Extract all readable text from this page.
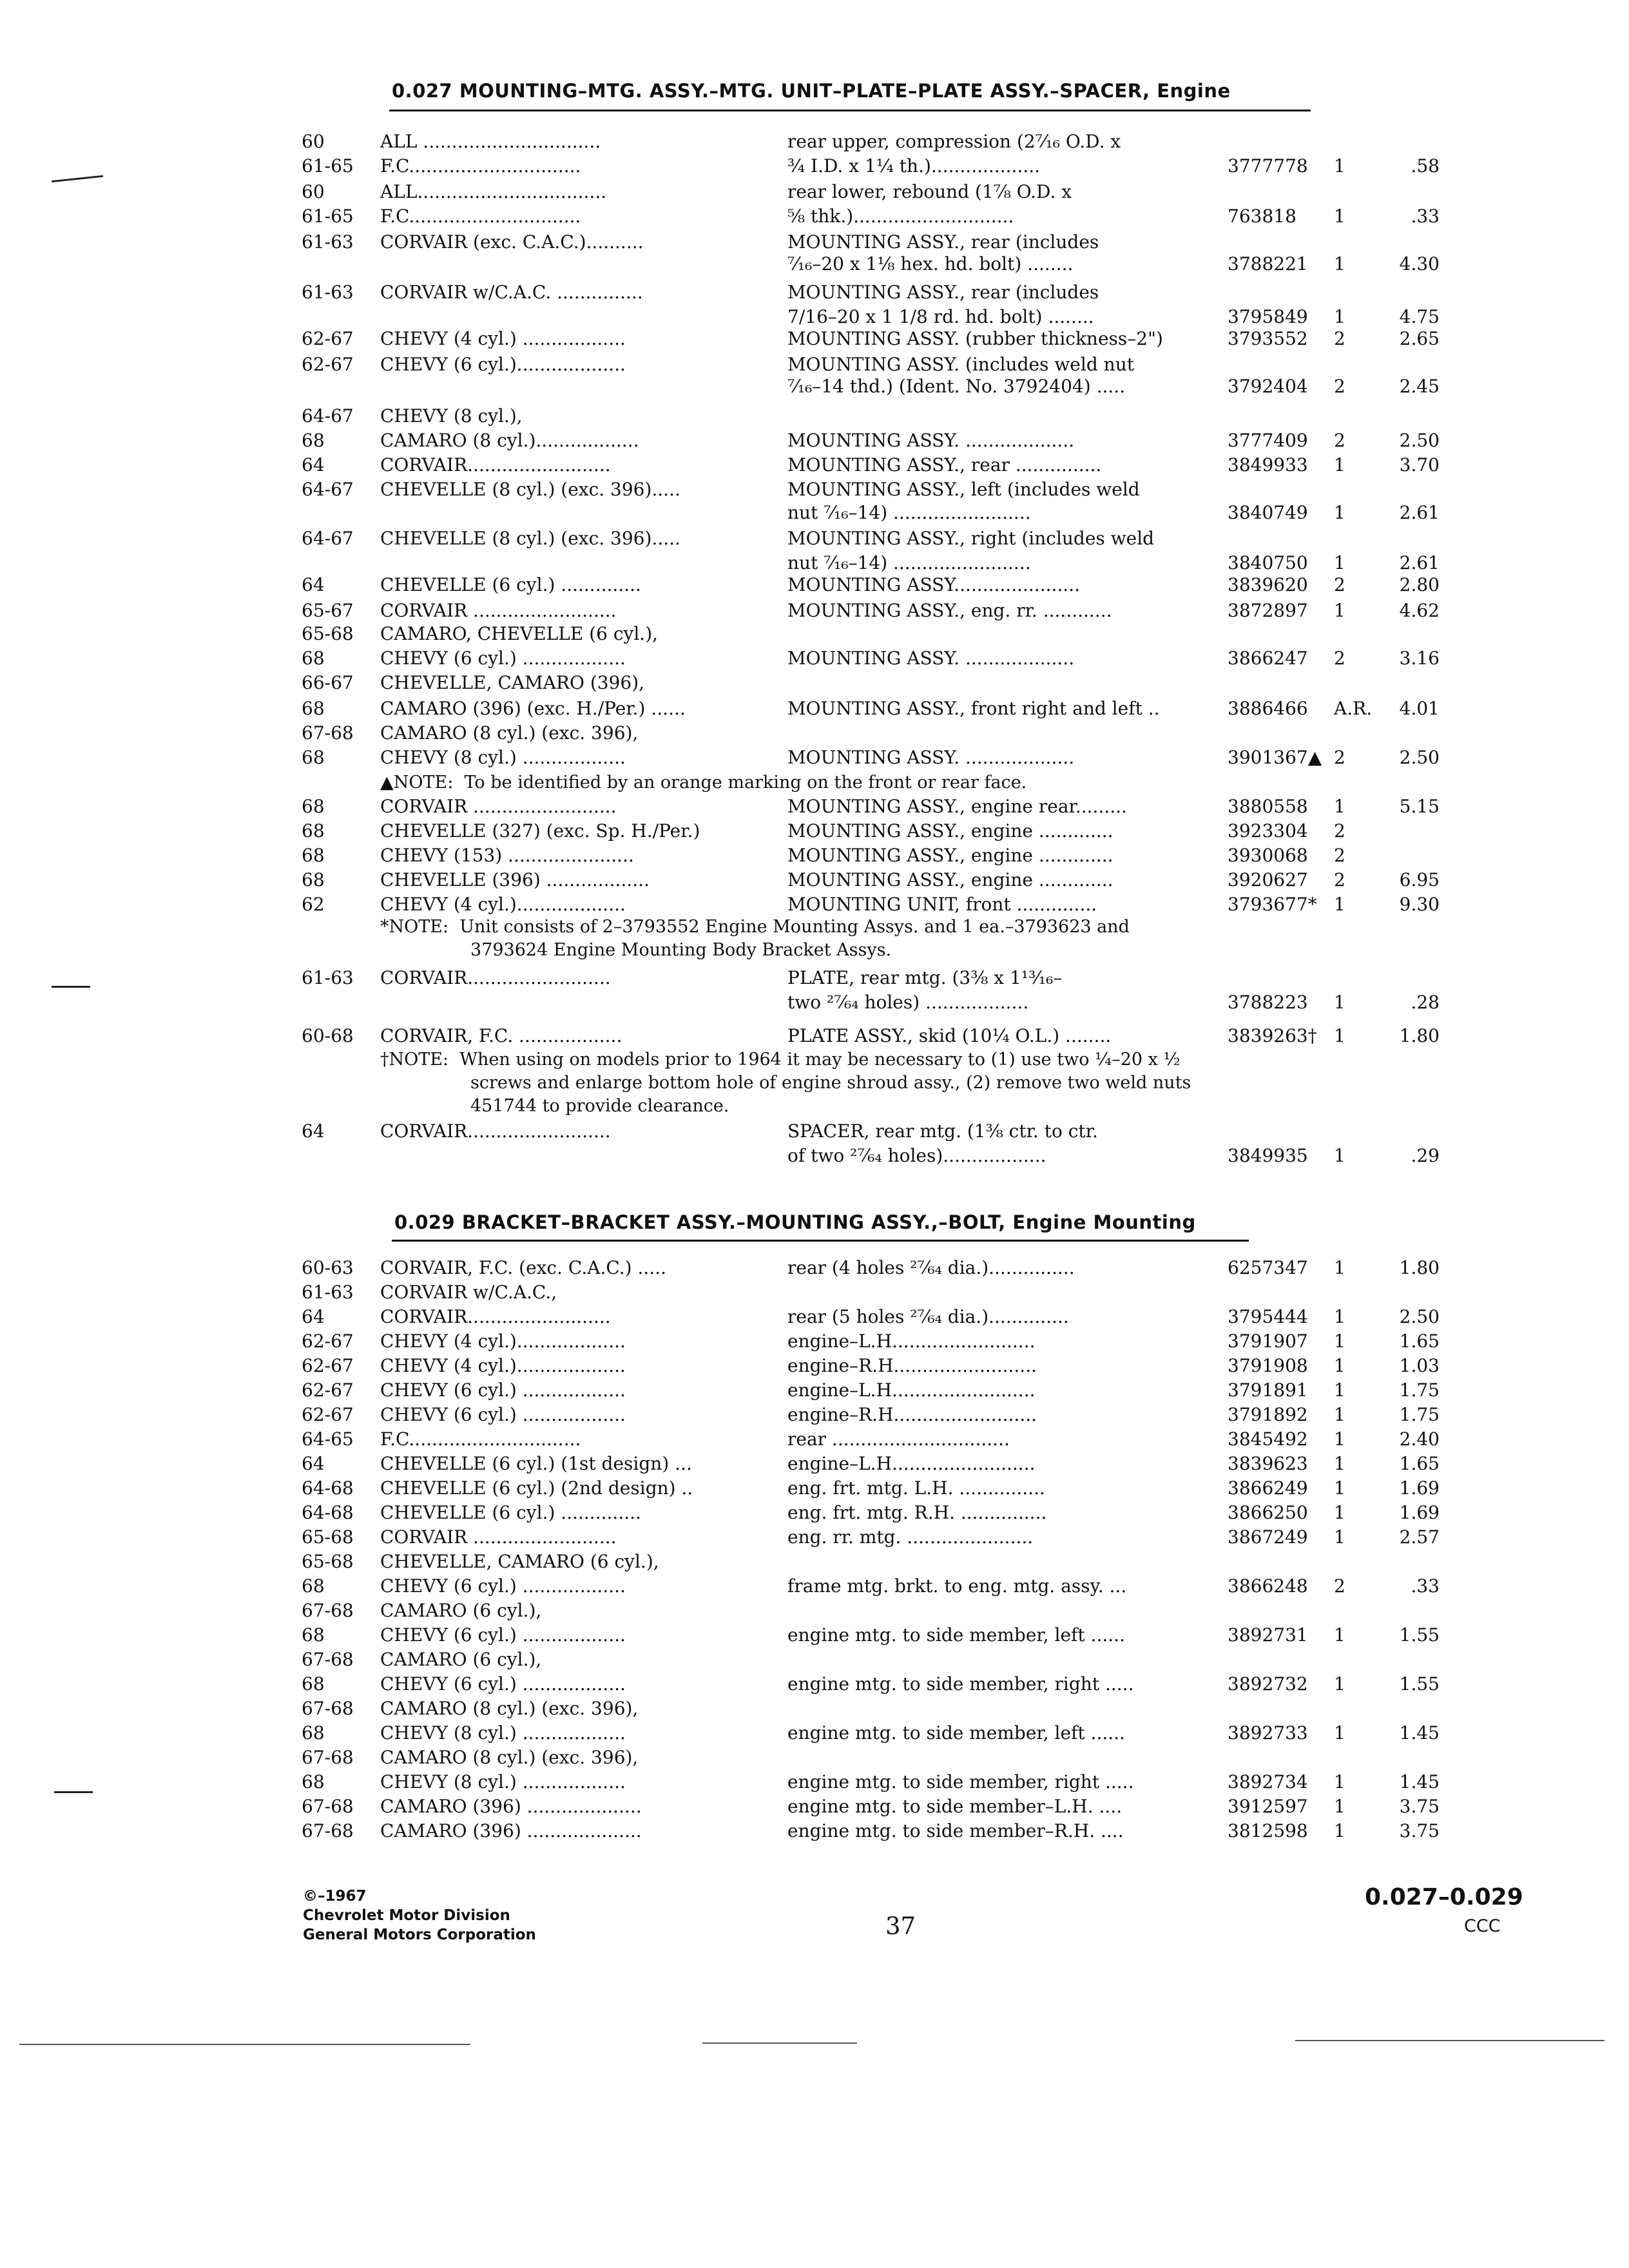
0.027 MOUNTING–MTG. ASSY.–MTG. UNIT–PLATE–PLATE ASSY.–SPACER, Engine
60	ALL ...............................	rear upper, compression (2⁷⁄₁₆ O.D. x
61-65 F.C..............................	¾ I.D. x 1¼ th.)...................	3777778 1	.58
60	ALL.................................	rear lower, rebound (1⅞ O.D. x
61-65 F.C..............................	⅝ thk.)............................	763818 1	.33
61-63 CORVAIR (exc. C.A.C.)..........	MOUNTING ASSY., rear (includes
⁷⁄₁₆–20 x 1⅛ hex. hd. bolt) ........	3788221 1	4.30
61-63 CORVAIR w/C.A.C. ...............	MOUNTING ASSY., rear (includes
7/16–20 x 1 1/8 rd. hd. bolt) ........	3795849 1	4.75
62-67 CHEVY (4 cyl.) ..................	MOUNTING ASSY. (rubber thickness–2")	3793552 2	2.65
62-67 CHEVY (6 cyl.)...................	MOUNTING ASSY. (includes weld nut
⁷⁄₁₆–14 thd.) (Ident. No. 3792404) .....	3792404 2	2.45
64-67 CHEVY (8 cyl.),
68	CAMARO (8 cyl.)..................	MOUNTING ASSY. ...................	3777409 2	2.50
64	CORVAIR.........................	MOUNTING ASSY., rear ...............	3849933 1	3.70
64-67 CHEVELLE (8 cyl.) (exc. 396).....	MOUNTING ASSY., left (includes weld
nut ⁷⁄₁₆–14) ........................	3840749 1	2.61
64-67 CHEVELLE (8 cyl.) (exc. 396).....	MOUNTING ASSY., right (includes weld
nut ⁷⁄₁₆–14) ........................	3840750 1	2.61
64	CHEVELLE (6 cyl.) ..............	MOUNTING ASSY......................	3839620 2	2.80
65-67 CORVAIR .........................	MOUNTING ASSY., eng. rr. ............	3872897 1	4.62
65-68 CAMARO, CHEVELLE (6 cyl.),
68	CHEVY (6 cyl.) ..................	MOUNTING ASSY. ...................	3866247 2	3.16
66-67 CHEVELLE, CAMARO (396),
68	CAMARO (396) (exc. H./Per.) ......	MOUNTING ASSY., front right and left ..	3886466 A.R.	4.01
67-68 CAMARO (8 cyl.) (exc. 396),
68	CHEVY (8 cyl.) ..................	MOUNTING ASSY. ...................	3901367▲ 2	2.50
▲NOTE:  To be identified by an orange marking on the front or rear face.
68	CORVAIR .........................	MOUNTING ASSY., engine rear.........	3880558 1	5.15
68	CHEVELLE (327) (exc. Sp. H./Per.)	MOUNTING ASSY., engine .............	3923304 2
68	CHEVY (153) ......................	MOUNTING ASSY., engine .............	3930068 2
68	CHEVELLE (396) ..................	MOUNTING ASSY., engine .............	3920627 2	6.95
62	CHEVY (4 cyl.)...................	MOUNTING UNIT, front ..............	3793677* 1	9.30
*NOTE:  Unit consists of 2–3793552 Engine Mounting Assys. and 1 ea.–3793623 and
3793624 Engine Mounting Body Bracket Assys.
61-63 CORVAIR.........................	PLATE, rear mtg. (3⅜ x 1¹³⁄₁₆–
two ²⁷⁄₆₄ holes) ..................	3788223 1	.28
60-68 CORVAIR, F.C. ..................	PLATE ASSY., skid (10¼ O.L.) ........	3839263† 1	1.80
†NOTE:  When using on models prior to 1964 it may be necessary to (1) use two ¼–20 x ½
screws and enlarge bottom hole of engine shroud assy., (2) remove two weld nuts
451744 to provide clearance.
64	CORVAIR.........................	SPACER, rear mtg. (1⅜ ctr. to ctr.
of two ²⁷⁄₆₄ holes)..................	3849935 1	.29
0.029 BRACKET–BRACKET ASSY.–MOUNTING ASSY.,–BOLT, Engine Mounting
60-63 CORVAIR, F.C. (exc. C.A.C.) .....	rear (4 holes ²⁷⁄₆₄ dia.)...............	6257347 1	1.80
61-63 CORVAIR w/C.A.C.,
64	CORVAIR.........................	rear (5 holes ²⁷⁄₆₄ dia.)..............	3795444 1	2.50
62-67 CHEVY (4 cyl.)...................	engine–L.H.........................	3791907 1	1.65
62-67 CHEVY (4 cyl.)...................	engine–R.H.........................	3791908 1	1.03
62-67 CHEVY (6 cyl.) ..................	engine–L.H.........................	3791891 1	1.75
62-67 CHEVY (6 cyl.) ..................	engine–R.H.........................	3791892 1	1.75
64-65 F.C..............................	rear ...............................	3845492 1	2.40
64	CHEVELLE (6 cyl.) (1st design) ...	engine–L.H.........................	3839623 1	1.65
64-68 CHEVELLE (6 cyl.) (2nd design) ..	eng. frt. mtg. L.H. ...............	3866249 1	1.69
64-68 CHEVELLE (6 cyl.) ..............	eng. frt. mtg. R.H. ...............	3866250 1	1.69
65-68 CORVAIR .........................	eng. rr. mtg. ......................	3867249 1	2.57
65-68 CHEVELLE, CAMARO (6 cyl.),
68	CHEVY (6 cyl.) ..................	frame mtg. brkt. to eng. mtg. assy. ...	3866248 2	.33
67-68 CAMARO (6 cyl.),
68	CHEVY (6 cyl.) ..................	engine mtg. to side member, left ......	3892731 1	1.55
67-68 CAMARO (6 cyl.),
68	CHEVY (6 cyl.) ..................	engine mtg. to side member, right .....	3892732 1	1.55
67-68 CAMARO (8 cyl.) (exc. 396),
68	CHEVY (8 cyl.) ..................	engine mtg. to side member, left ......	3892733 1	1.45
67-68 CAMARO (8 cyl.) (exc. 396),
68	CHEVY (8 cyl.) ..................	engine mtg. to side member, right .....	3892734 1	1.45
67-68 CAMARO (396) ....................	engine mtg. to side member–L.H. ....	3912597 1	3.75
67-68 CAMARO (396) ....................	engine mtg. to side member–R.H. ....	3812598 1	3.75
©–1967
Chevrolet Motor Division
General Motors Corporation	37
0.027–0.029
CCC
